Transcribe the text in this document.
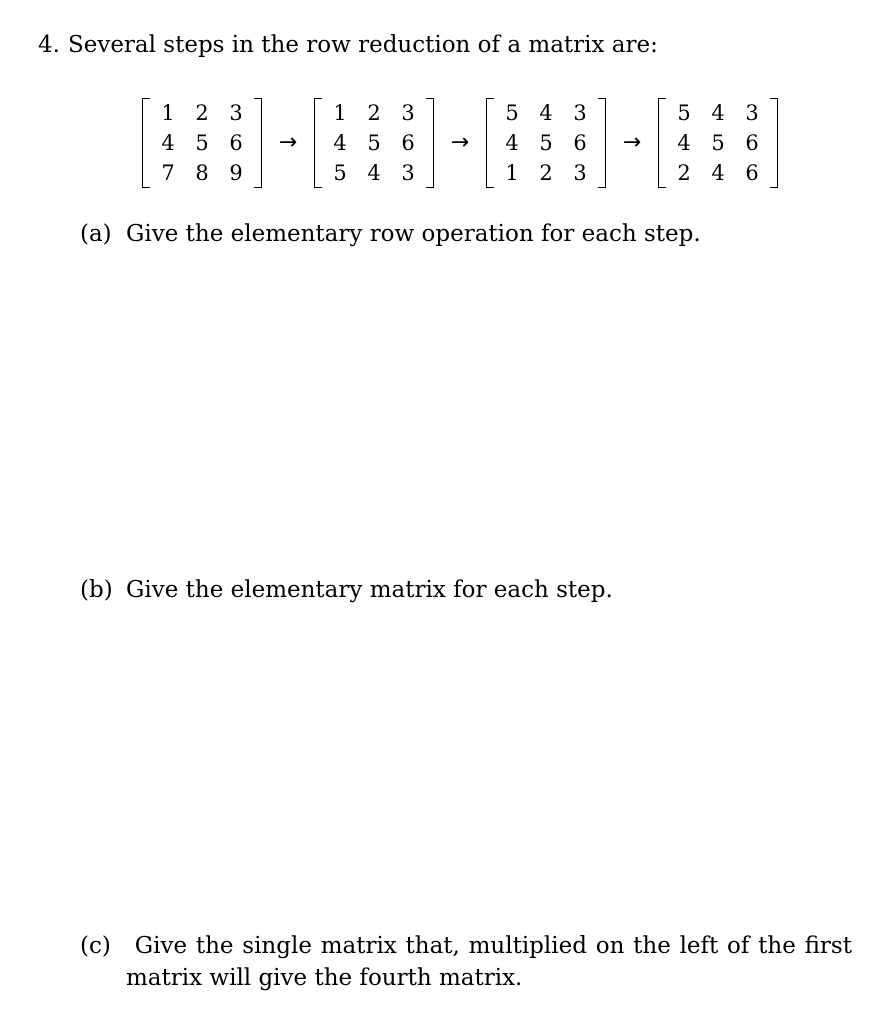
4. Several steps in the row reduction of a matrix are:
1 2 3
4 5 6
7 8 9
→
1 2 3
4 5 6
5 4 3
→
5 4 3
4 5 6
1 2 3
→
5 4 3
4 5 6
2 4 6
(a) Give the elementary row operation for each step.
(b) Give the elementary matrix for each step.
(c)	Give the single matrix that, multiplied on the left of the first
matrix will give the fourth matrix.
